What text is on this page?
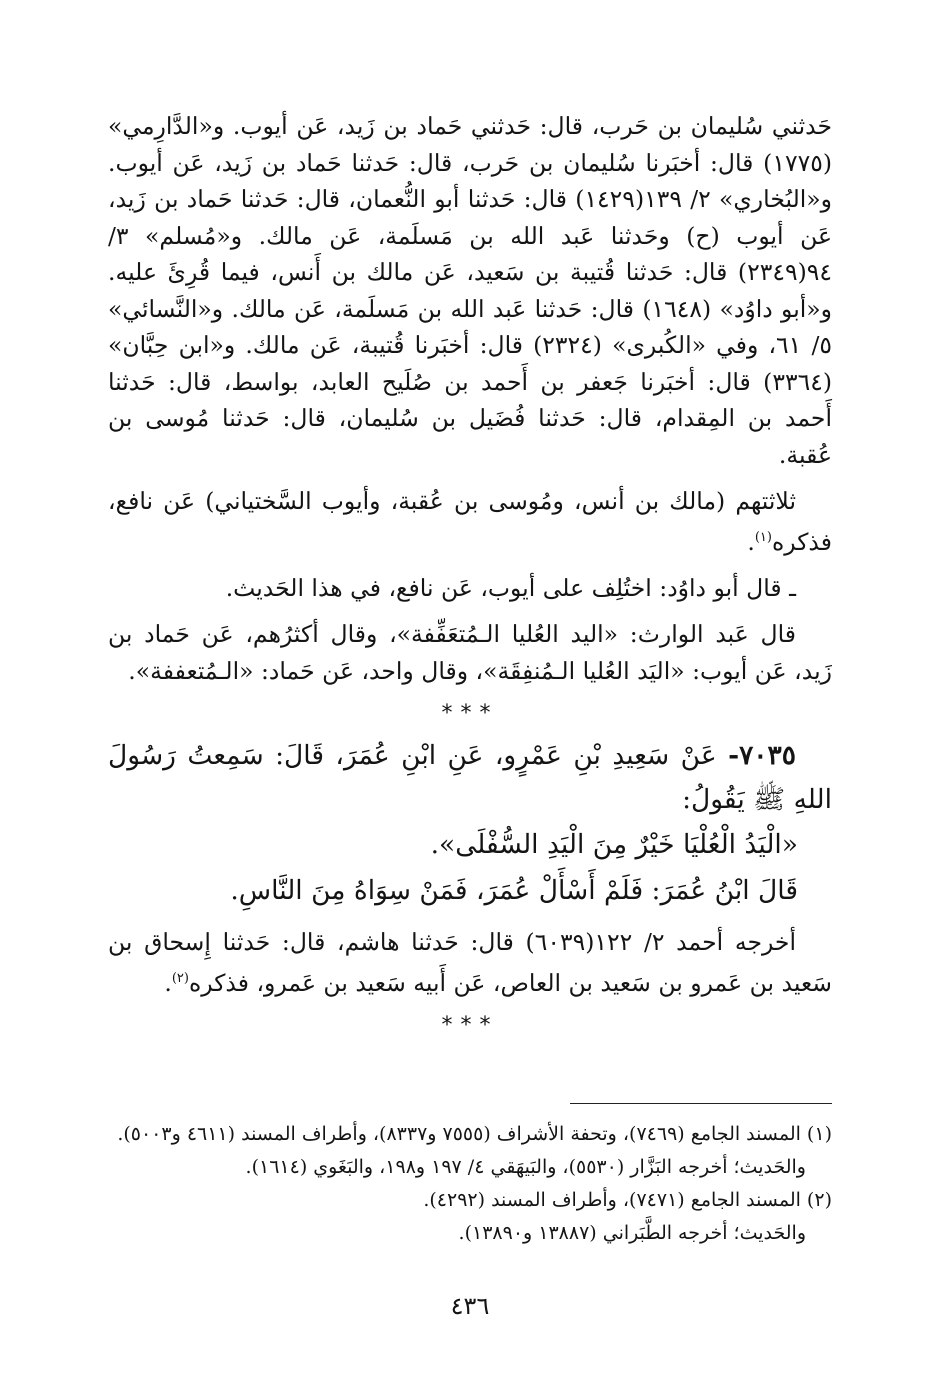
حَدثني سُليمان بن حَرب، قال: حَدثني حَماد بن زَيد، عَن أيوب. و«الدَّارِمي» (١٧٧٥) قال: أخبَرنا سُليمان بن حَرب، قال: حَدثنا حَماد بن زَيد، عَن أيوب. و«البُخاري» ٢/ ١٣٩(١٤٢٩) قال: حَدثنا أبو النُّعمان، قال: حَدثنا حَماد بن زَيد، عَن أيوب (ح) وحَدثنا عَبد الله بن مَسلَمة، عَن مالك. و«مُسلم» ٣/ ٩٤(٢٣٤٩) قال: حَدثنا قُتيبة بن سَعيد، عَن مالك بن أَنس، فيما قُرِئَ عليه. و«أبو داوُد» (١٦٤٨) قال: حَدثنا عَبد الله بن مَسلَمة، عَن مالك. و«النَّسائي» ٥/ ٦١، وفي «الكُبرى» (٢٣٢٤) قال: أخبَرنا قُتيبة، عَن مالك. و«ابن حِبَّان» (٣٣٦٤) قال: أخبَرنا جَعفر بن أَحمد بن صُلَيح العابد، بواسط، قال: حَدثنا أَحمد بن المِقدام، قال: حَدثنا فُضَيل بن سُليمان، قال: حَدثنا مُوسى بن عُقبة.

ثلاثتهم (مالك بن أنس، ومُوسى بن عُقبة، وأيوب السَّختياني) عَن نافع، فذكره$^{(١)}$.

ـ قال أبو داوُد: اختُلِف على أيوب، عَن نافع، في هذا الحَديث.

قال عَبد الوارث: «اليد العُليا الـمُتعَفِّفة»، وقال أكثرُهم، عَن حَماد بن زَيد، عَن أيوب: «اليَد العُليا الـمُنفِقَة»، وقال واحد، عَن حَماد: «الـمُتعففة».

***

٧٠٣٥- عَنْ سَعِيدِ بْنِ عَمْرٍو، عَنِ ابْنِ عُمَرَ، قَالَ: سَمِعتُ رَسُولَ اللهِ ﷺ يَقُولُ:

«الْيَدُ الْعُلْيَا خَيْرٌ مِنَ الْيَدِ السُّفْلَى».

قَالَ ابْنُ عُمَرَ: فَلَمْ أَسْأَلْ عُمَرَ، فَمَنْ سِوَاهُ مِنَ النَّاسِ.

أخرجه أحمد ٢/ ١٢٢(٦٠٣٩) قال: حَدثنا هاشم، قال: حَدثنا إِسحاق بن سَعيد بن عَمرو بن سَعيد بن العاص، عَن أَبيه سَعيد بن عَمرو، فذكره$^{(٢)}$.

***

(١) المسند الجامع (٧٤٦٩)، وتحفة الأشراف (٧٥٥٥ و٨٣٣٧)، وأطراف المسند (٤٦١١ و٥٠٠٣).

والحَديث؛ أخرجه البَزَّار (٥٥٣٠)، والبَيهَقي ٤/ ١٩٧ و١٩٨، والبَغَوي (١٦١٤).

(٢) المسند الجامع (٧٤٧١)، وأطراف المسند (٤٢٩٢).

والحَديث؛ أخرجه الطَّبَراني (١٣٨٨٧ و١٣٨٩٠).

٤٣٦
